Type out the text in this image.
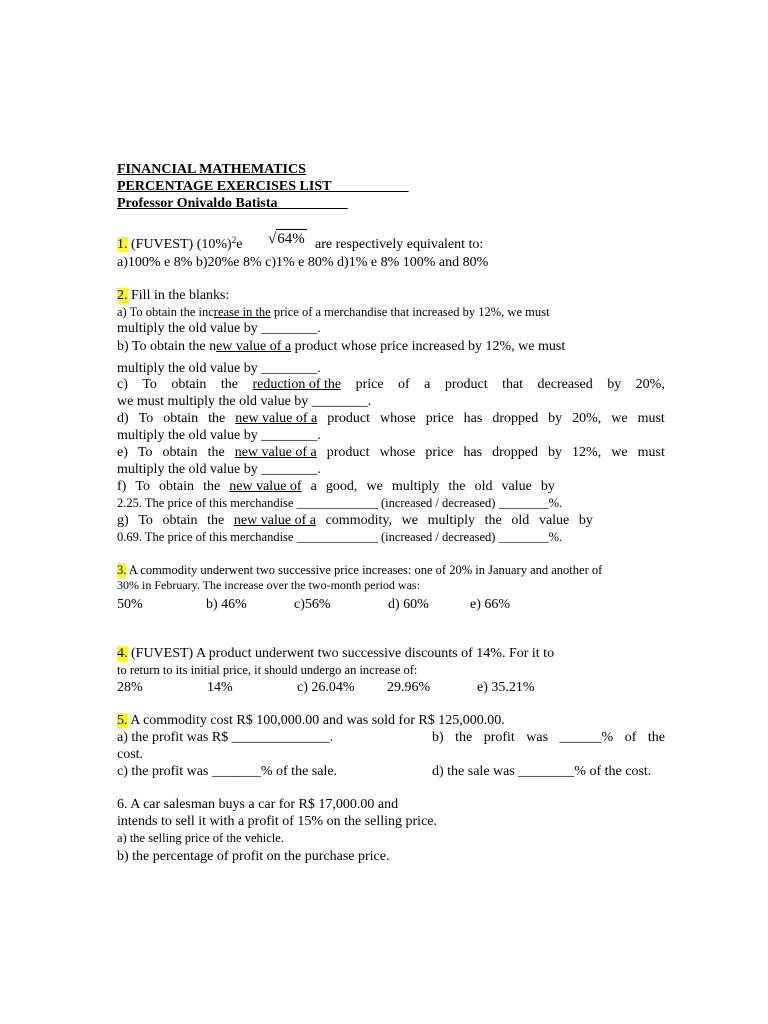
FINANCIAL MATHEMATICS
PERCENTAGE EXERCISES LIST___________
Professor Onivaldo Batista__________
1. (FUVEST) $(10\%)^2e$ √64% are respectively equivalent to:
a)100% e 8% b)20%e 8% c)1% e 80% d)1% e 8% 100% and 80%
2. Fill in the blanks:
a) To obtain the increase in the price of a merchandise that increased by 12%, we must
multiply the old value by ________.
b) To obtain the new value of a product whose price increased by 12%, we must
multiply the old value by ________.
c) To obtain the reduction of the price of a product that decreased by 20%,
we must multiply the old value by ________.
d) To obtain the new value of a product whose price has dropped by 20%, we must
multiply the old value by ________.
e) To obtain the new value of a product whose price has dropped by 12%, we must
multiply the old value by ________.
f) To obtain the new value of a good, we multiply the old value by
2.25. The price of this merchandise _____________ (increased / decreased) ________%.
g) To obtain the new value of a commodity, we multiply the old value by
0.69. The price of this merchandise _____________ (increased / decreased) ________%.
3. A commodity underwent two successive price increases: one of 20% in January and another of
30% in February. The increase over the two-month period was:
50%	b) 46%	c)56%	d) 60%	e) 66%
4. (FUVEST) A product underwent two successive discounts of 14%. For it to
to return to its initial price, it should undergo an increase of:
28%	14%	c) 26.04% 29.96%	e) 35.21%
5. A commodity cost R$ 100,000.00 and was sold for R$ 125,000.00.
a) the profit was R$ ______________.	b) the profit was ______% of the
cost.
c) the profit was _______% of the sale.	d) the sale was ________% of the cost.
6. A car salesman buys a car for R$ 17,000.00 and
intends to sell it with a profit of 15% on the selling price.
a) the selling price of the vehicle.
b) the percentage of profit on the purchase price.
